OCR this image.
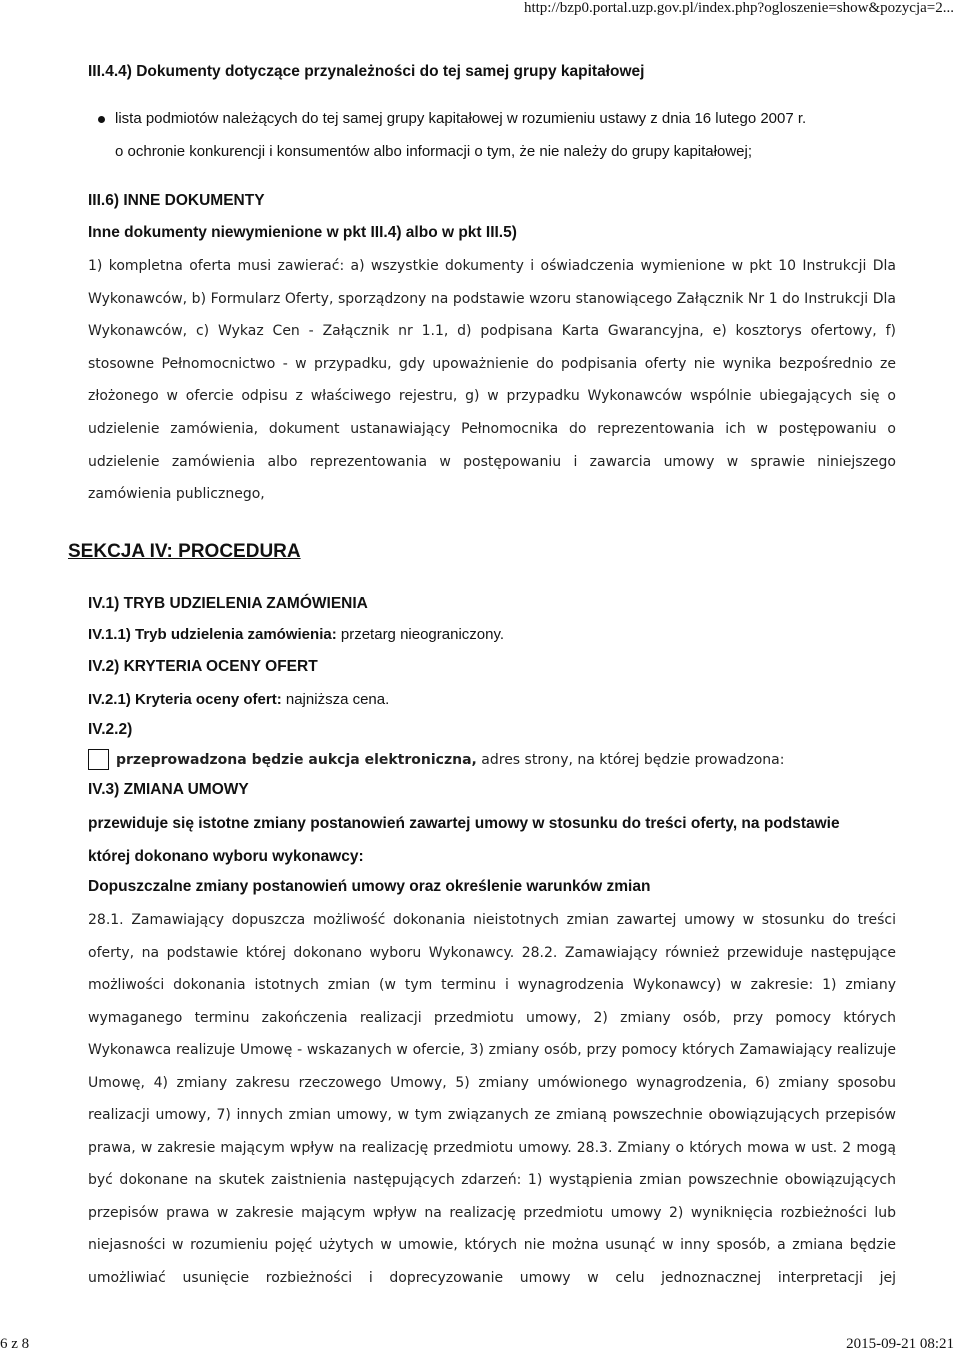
http://bzp0.portal.uzp.gov.pl/index.php?ogloszenie=show&pozycja=2...
III.4.4) Dokumenty dotyczące przynależności do tej samej grupy kapitałowej
lista podmiotów należących do tej samej grupy kapitałowej w rozumieniu ustawy z dnia 16 lutego 2007 r.
o ochronie konkurencji i konsumentów albo informacji o tym, że nie należy do grupy kapitałowej;
III.6) INNE DOKUMENTY
Inne dokumenty niewymienione w pkt III.4) albo w pkt III.5)
1) kompletna oferta musi zawierać: a) wszystkie dokumenty i oświadczenia wymienione w pkt 10 Instrukcji Dla Wykonawców, b) Formularz Oferty, sporządzony na podstawie wzoru stanowiącego Załącznik Nr 1 do Instrukcji Dla Wykonawców, c) Wykaz Cen - Załącznik nr 1.1, d) podpisana Karta Gwarancyjna, e) kosztorys ofertowy, f) stosowne Pełnomocnictwo - w przypadku, gdy upoważnienie do podpisania oferty nie wynika bezpośrednio ze złożonego w ofercie odpisu z właściwego rejestru, g) w przypadku Wykonawców wspólnie ubiegających się o udzielenie zamówienia, dokument ustanawiający Pełnomocnika do reprezentowania ich w postępowaniu o udzielenie zamówienia albo reprezentowania w postępowaniu i zawarcia umowy w sprawie niniejszego zamówienia publicznego,
IV.1) TRYB UDZIELENIA ZAMÓWIENIA
IV.1.1) Tryb udzielenia zamówienia: przetarg nieograniczony.
IV.2) KRYTERIA OCENY OFERT
IV.2.1) Kryteria oceny ofert: najniższa cena.
IV.2.2)
przeprowadzona będzie aukcja elektroniczna, adres strony, na której będzie prowadzona:
IV.3) ZMIANA UMOWY
przewiduje się istotne zmiany postanowień zawartej umowy w stosunku do treści oferty, na podstawie
której dokonano wyboru wykonawcy:
Dopuszczalne zmiany postanowień umowy oraz określenie warunków zmian
28.1. Zamawiający dopuszcza możliwość dokonania nieistotnych zmian zawartej umowy w stosunku do treści oferty, na podstawie której dokonano wyboru Wykonawcy. 28.2. Zamawiający również przewiduje następujące możliwości dokonania istotnych zmian (w tym terminu i wynagrodzenia Wykonawcy) w zakresie: 1) zmiany wymaganego terminu zakończenia realizacji przedmiotu umowy, 2) zmiany osób, przy pomocy których Wykonawca realizuje Umowę - wskazanych w ofercie, 3) zmiany osób, przy pomocy których Zamawiający realizuje Umowę, 4) zmiany zakresu rzeczowego Umowy, 5) zmiany umówionego wynagrodzenia, 6) zmiany sposobu realizacji umowy, 7) innych zmian umowy, w tym związanych ze zmianą powszechnie obowiązujących przepisów prawa, w zakresie mającym wpływ na realizację przedmiotu umowy. 28.3. Zmiany o których mowa w ust. 2 mogą być dokonane na skutek zaistnienia następujących zdarzeń: 1) wystąpienia zmian powszechnie obowiązujących przepisów prawa w zakresie mającym wpływ na realizację przedmiotu umowy 2) wyniknięcia rozbieżności lub niejasności w rozumieniu pojęć użytych w umowie, których nie można usunąć w inny sposób, a zmiana będzie umożliwiać usunięcie rozbieżności i doprecyzowanie umowy w celu jednoznacznej interpretacji jej
SEKCJA IV: PROCEDURA
6 z 8	2015-09-21 08:21
